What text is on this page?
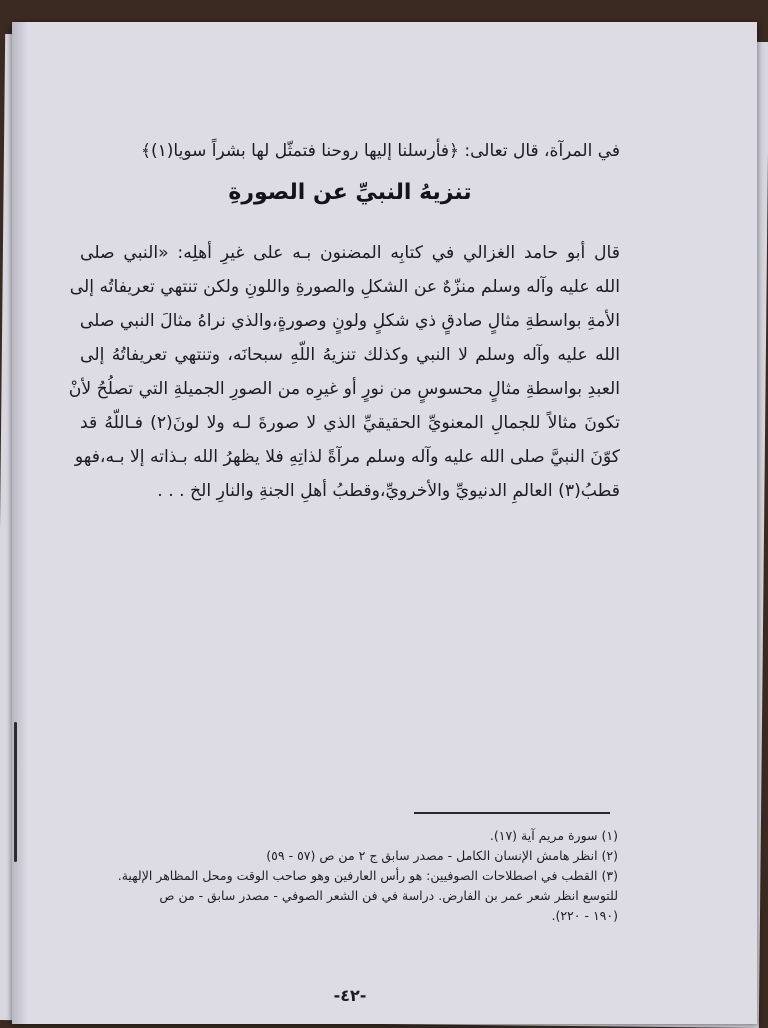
في المرآة، قال تعالى: ﴿فأرسلنا إليها روحنا فتمثّل لها بشراً سويا(١)﴾
تنزيهُ النبيِّ عن الصورةِ
قال أبو حامد الغزالي في كتابِه المضنون بـه على غيرِ أهلِه: «النبي صلى
الله عليه وآله وسلم منزّهٌ عن الشكلِ والصورةِ واللونِ ولكن تنتهي تعريفاتُه إلى
الأمةِ بواسطةِ مثالٍ صادقٍ ذي شكلٍ ولونٍ وصورةٍ،والذي نراهُ مثالَ النبي صلى
الله عليه وآله وسلم لا النبي وكذلك تنزيهُ اللّهِ سبحانَه، وتنتهي تعريفاتُهُ إلى
العبدِ بواسطةِ مثالٍ محسوسٍ من نورٍ أو غيرِه من الصورِ الجميلةِ التي تصلُحُ لأنْ
تكونَ مثالاً للجمالِ المعنويِّ الحقيقيِّ الذي لا صورةَ لـه ولا لونَ(٢) فـاللّهُ قد
كوّنَ النبيَّ صلى الله عليه وآله وسلم مرآةً لذاتِهِ فلا يظهرُ الله بـذاته إلا بـه،فهو
قطبُ(٣) العالمِ الدنيويِّ والأخرويِّ،وقطبُ أهلِ الجنةِ والنارِ الخ . . .
(١) سورة مريم آية (١٧).
(٢) انظر هامش الإنسان الكامل - مصدر سابق ج ٢ من ص (٥٧ - ٥٩)
(٣) القطب في اصطلاحات الصوفيين: هو رأس العارفين وهو صاحب الوقت ومحل المظاهر الإلهية.
للتوسع انظر شعر عمر بن الفارض. دراسة في فن الشعر الصوفي - مصدر سابق - من ص
(١٩٠ - ٢٢٠).
-٤٢-
